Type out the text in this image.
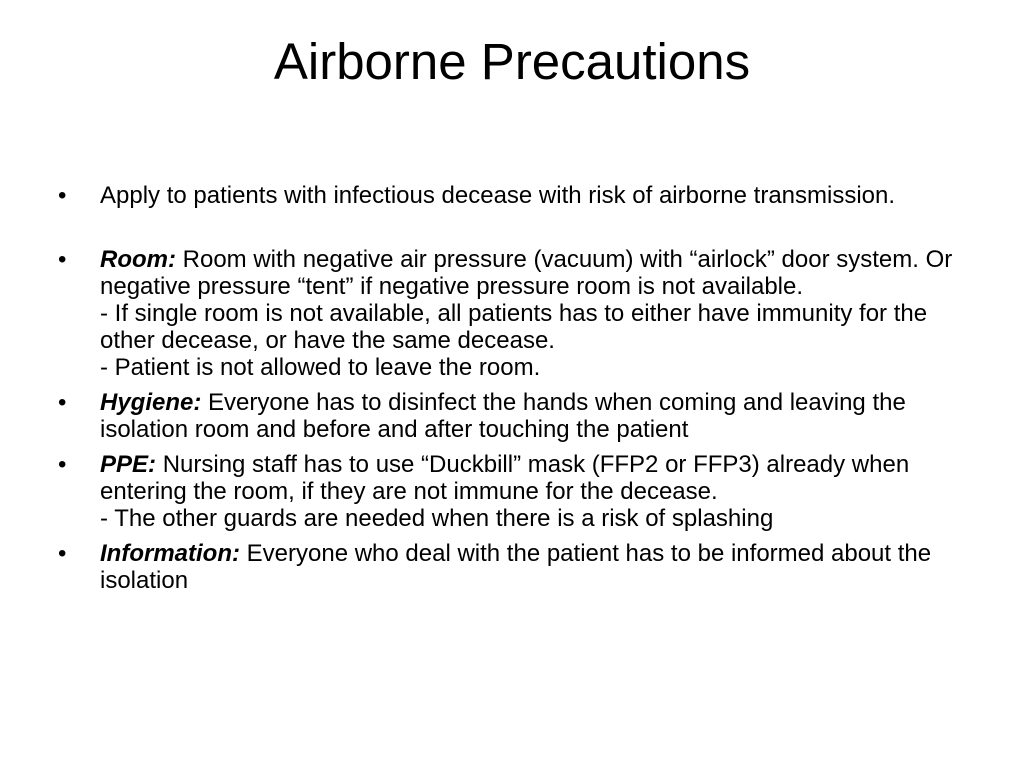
Airborne Precautions
•	Apply to patients with infectious decease with risk of airborne transmission.
•	Room: Room with negative air pressure (vacuum) with “airlock” door system. Or negative pressure “tent” if negative pressure room is not available.
- If single room is not available, all patients has to either have immunity for the other decease, or have the same decease.
- Patient is not allowed to leave the room.
•	Hygiene: Everyone has to disinfect the hands when coming and leaving the isolation room and before and after touching the patient
•	PPE: Nursing staff has to use “Duckbill” mask (FFP2 or FFP3) already when entering the room, if they are not immune for the decease.
- The other guards are needed when there is a risk of splashing
•	Information: Everyone who deal with the patient has to be informed about the isolation
